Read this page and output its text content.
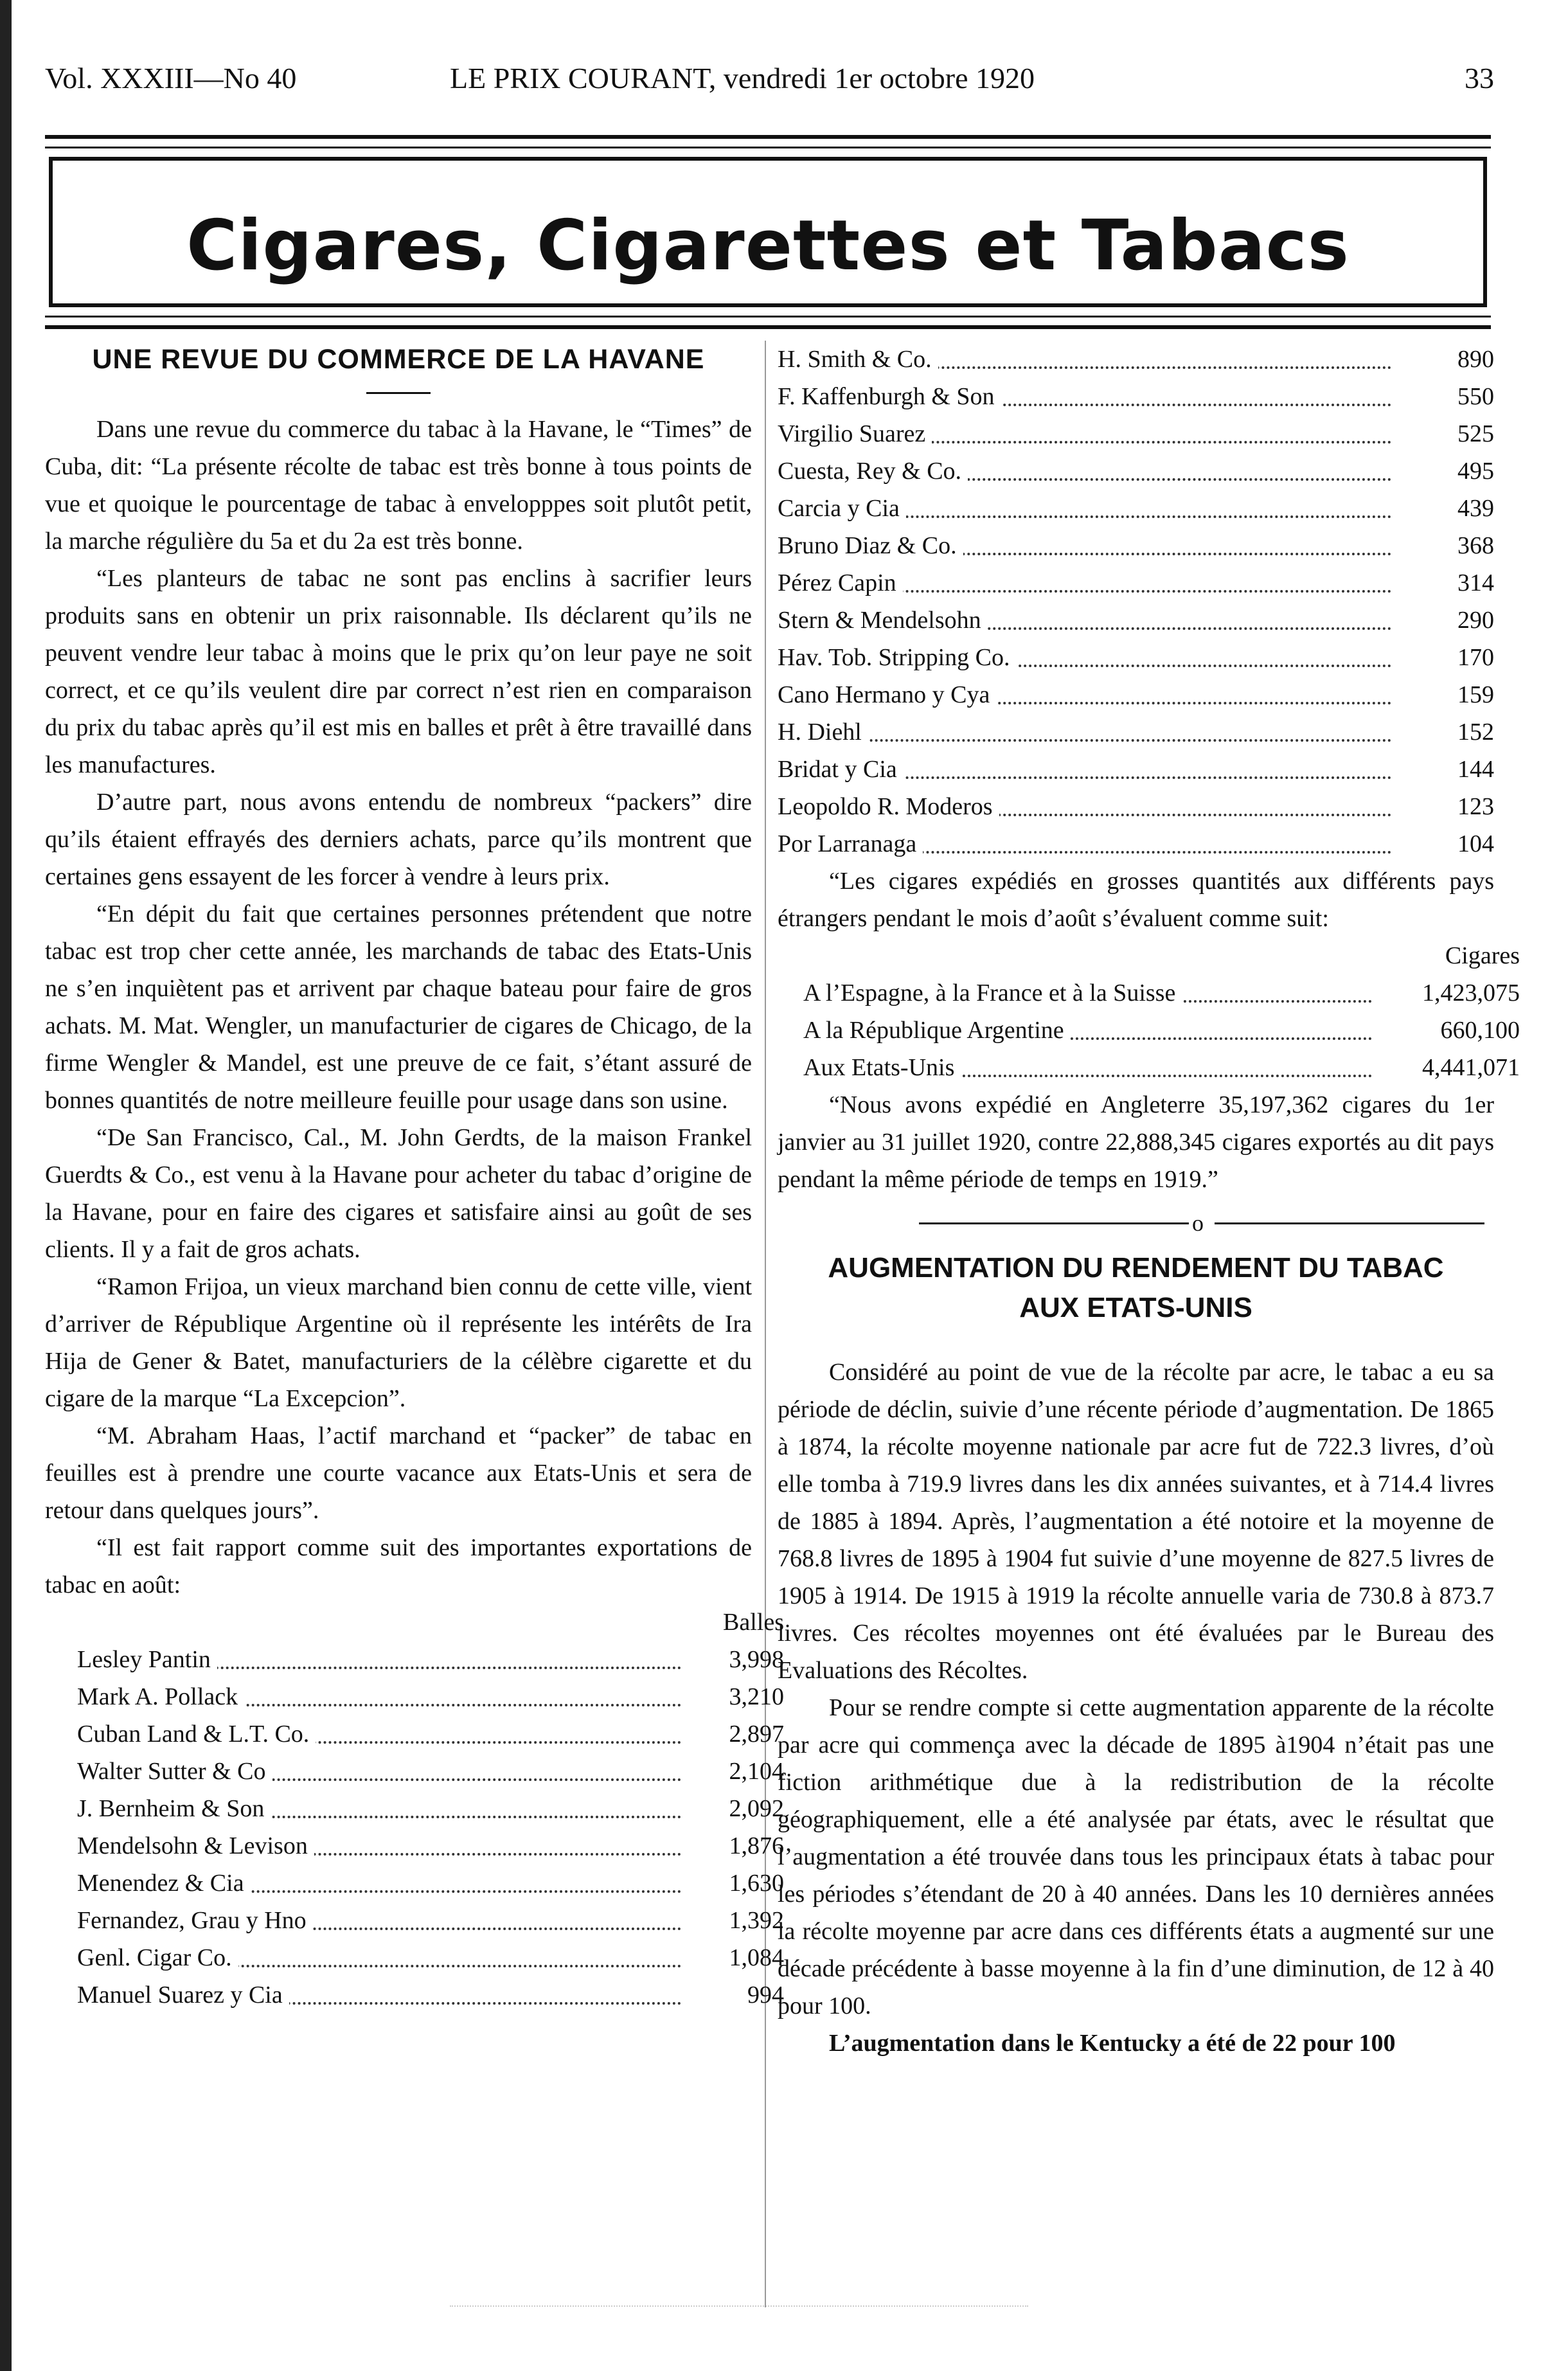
Vol. XXXIII—No 40	LE PRIX COURANT, vendredi 1er octobre 1920	33
Cigares, Cigarettes et Tabacs
UNE REVUE DU COMMERCE DE LA HAVANE

Dans une revue du commerce du tabac à la Havane, le “Times” de Cuba, dit: “La présente récolte de tabac est très bonne à tous points de vue et quoique le pourcentage de tabac à envelopppes soit plutôt petit, la marche régulière du 5a et du 2a est très bonne.

“Les planteurs de tabac ne sont pas enclins à sacrifier leurs produits sans en obtenir un prix raisonnable. Ils déclarent qu’ils ne peuvent vendre leur tabac à moins que le prix qu’on leur paye ne soit correct, et ce qu’ils veulent dire par correct n’est rien en comparaison du prix du tabac après qu’il est mis en balles et prêt à être travaillé dans les manufactures.

D’autre part, nous avons entendu de nombreux “packers” dire qu’ils étaient effrayés des derniers achats, parce qu’ils montrent que certaines gens essayent de les forcer à vendre à leurs prix.

“En dépit du fait que certaines personnes prétendent que notre tabac est trop cher cette année, les marchands de tabac des Etats-Unis ne s’en inquiètent pas et arrivent par chaque bateau pour faire de gros achats. M. Mat. Wengler, un manufacturier de cigares de Chicago, de la firme Wengler & Mandel, est une preuve de ce fait, s’étant assuré de bonnes quantités de notre meilleure feuille pour usage dans son usine.

“De San Francisco, Cal., M. John Gerdts, de la maison Frankel Guerdts & Co., est venu à la Havane pour acheter du tabac d’origine de la Havane, pour en faire des cigares et satisfaire ainsi au goût de ses clients. Il y a fait de gros achats.

“Ramon Frijoa, un vieux marchand bien connu de cette ville, vient d’arriver de République Argentine où il représente les intérêts de Ira Hija de Gener & Batet, manufacturiers de la célèbre cigarette et du cigare de la marque “La Excepcion”.

“M. Abraham Haas, l’actif marchand et “packer” de tabac en feuilles est à prendre une courte vacance aux Etats-Unis et sera de retour dans quelques jours”.

“Il est fait rapport comme suit des importantes exportations de tabac en août:

	Balles

Lesley Pantin	3,998

Mark A. Pollack	3,210

Cuban Land & L.T. Co.	2,897

Walter Sutter & Co	2,104

J. Bernheim & Son	2,092

Mendelsohn & Levison	1,876

Menendez & Cia	1,630

Fernandez, Grau y Hno	1,392

Genl. Cigar Co.	1,084

Manuel Suarez y Cia	994
H. Smith & Co.	890

F. Kaffenburgh & Son	550

Virgilio Suarez	525

Cuesta, Rey & Co.	495

Carcia y Cia	439

Bruno Diaz & Co.	368

Pérez Capin	314

Stern & Mendelsohn	290

Hav. Tob. Stripping Co.	170

Cano Hermano y Cya	159

H. Diehl	152

Bridat y Cia	144

Leopoldo R. Moderos	123

Por Larranaga	104

“Les cigares expédiés en grosses quantités aux différents pays étrangers pendant le mois d’août s’évaluent comme suit:

	Cigares

A l’Espagne, à la France et à la Suisse	1,423,075

A la République Argentine	660,100

Aux Etats-Unis	4,441,071

“Nous avons expédié en Angleterre 35,197,362 cigares du 1er janvier au 31 juillet 1920, contre 22,888,345 cigares exportés au dit pays pendant la même période de temps en 1919.”

o
AUGMENTATION DU RENDEMENT DU TABAC
AUX ETATS-UNIS

Considéré au point de vue de la récolte par acre, le tabac a eu sa période de déclin, suivie d’une récente période d’augmentation. De 1865 à 1874, la récolte moyenne nationale par acre fut de 722.3 livres, d’où elle tomba à 719.9 livres dans les dix années suivantes, et à 714.4 livres de 1885 à 1894. Après, l’augmentation a été notoire et la moyenne de 768.8 livres de 1895 à 1904 fut suivie d’une moyenne de 827.5 livres de 1905 à 1914. De 1915 à 1919 la récolte annuelle varia de 730.8 à 873.7 livres. Ces récoltes moyennes ont été évaluées par le Bureau des Evaluations des Récoltes.

Pour se rendre compte si cette augmentation apparente de la récolte par acre qui commença avec la décade de 1895 à1904 n’était pas une fiction arithmétique due à la redistribution de la récolte géographiquement, elle a été analysée par états, avec le résultat que l’augmentation a été trouvée dans tous les principaux états à tabac pour les périodes s’étendant de 20 à 40 années. Dans les 10 dernières années la récolte moyenne par acre dans ces différents états a augmenté sur une décade précédente à basse moyenne à la fin d’une diminution, de 12 à 40 pour 100.

L’augmentation dans le Kentucky a été de 22 pour 100
